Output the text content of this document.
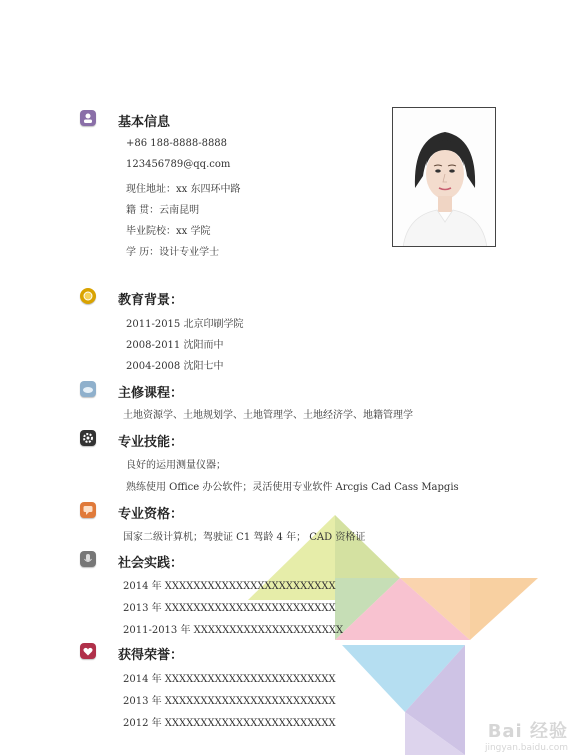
基本信息
+86 188-8888-8888
123456789@qq.com
现住地址：xx 东四环中路
籍 贯：云南昆明
毕业院校：xx 学院
学 历：设计专业学士
教育背景：
2011-2015 北京印刷学院
2008-2011 沈阳而中
2004-2008 沈阳七中
主修课程：
土地资源学、土地规划学、土地管理学、土地经济学、地籍管理学
专业技能：
良好的运用测量仪器；
熟练使用 Office 办公软件；灵活使用专业软件 Arcgis Cad Cass Mapgis
专业资格：
国家二级计算机；驾驶证 C1 驾龄 4 年； CAD 资格证
社会实践：
2014 年 XXXXXXXXXXXXXXXXXXXXXXXX
2013 年 XXXXXXXXXXXXXXXXXXXXXXXX
2011-2013 年 XXXXXXXXXXXXXXXXXXXXX
获得荣誉：
2014 年 XXXXXXXXXXXXXXXXXXXXXXXX
2013 年 XXXXXXXXXXXXXXXXXXXXXXXX
2012 年 XXXXXXXXXXXXXXXXXXXXXXXX	Bai 经验
jingyan.baidu.com
